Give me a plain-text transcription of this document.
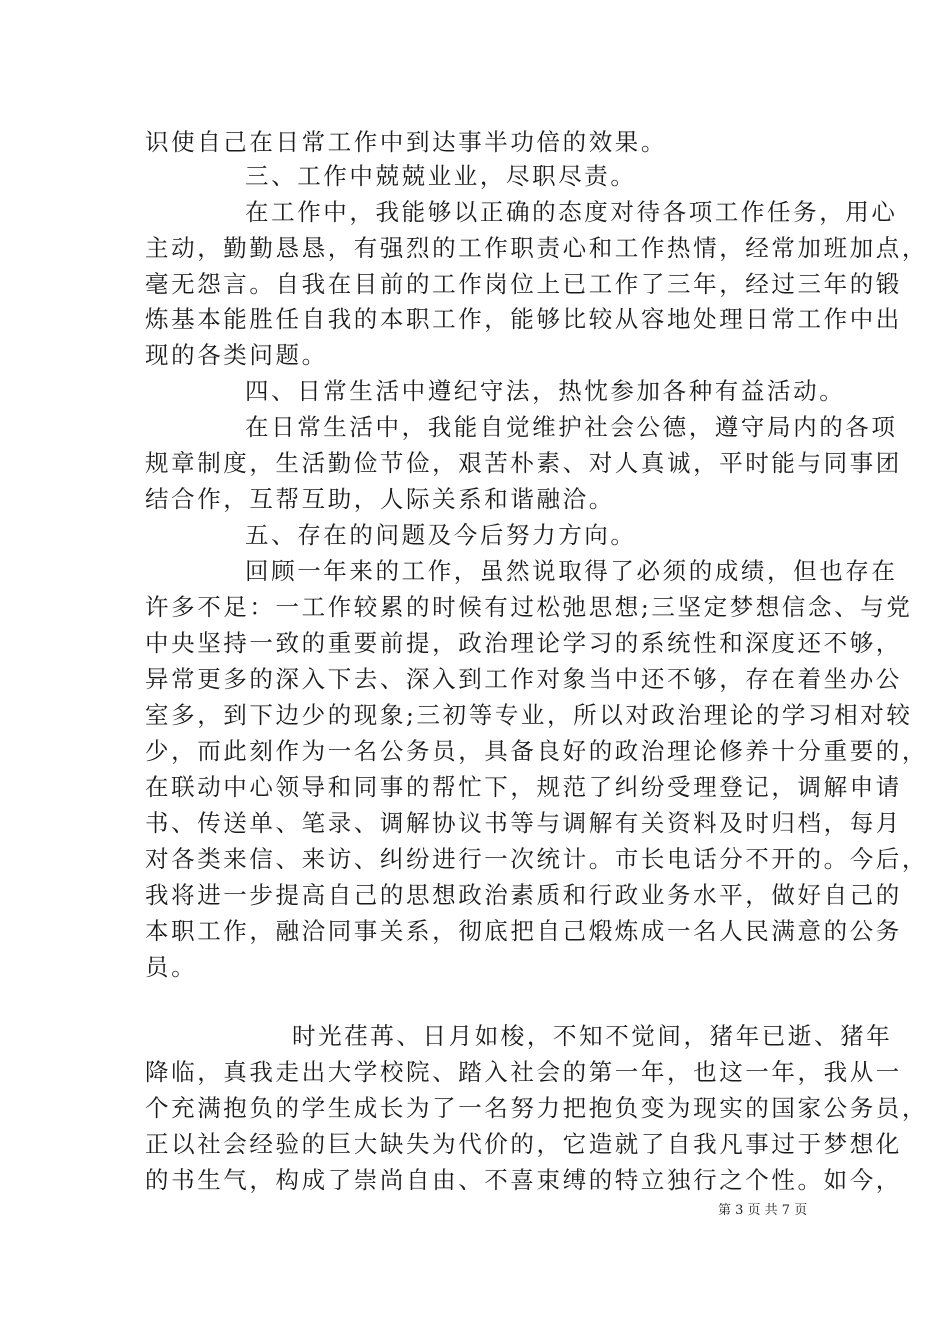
识使自己在日常工作中到达事半功倍的效果。
三、工作中兢兢业业，尽职尽责。
在工作中，我能够以正确的态度对待各项工作任务，用心
主动，勤勤恳恳，有强烈的工作职责心和工作热情，经常加班加点，
毫无怨言。自我在目前的工作岗位上已工作了三年，经过三年的锻
炼基本能胜任自我的本职工作，能够比较从容地处理日常工作中出
现的各类问题。
四、日常生活中遵纪守法，热忱参加各种有益活动。
在日常生活中，我能自觉维护社会公德，遵守局内的各项
规章制度，生活勤俭节俭，艰苦朴素、对人真诚，平时能与同事团
结合作，互帮互助，人际关系和谐融洽。
五、存在的问题及今后努力方向。
回顾一年来的工作，虽然说取得了必须的成绩，但也存在
许多不足：一工作较累的时候有过松弛思想;三坚定梦想信念、与党
中央坚持一致的重要前提，政治理论学习的系统性和深度还不够，
异常更多的深入下去、深入到工作对象当中还不够，存在着坐办公
室多，到下边少的现象;三初等专业，所以对政治理论的学习相对较
少，而此刻作为一名公务员，具备良好的政治理论修养十分重要的，
在联动中心领导和同事的帮忙下，规范了纠纷受理登记，调解申请
书、传送单、笔录、调解协议书等与调解有关资料及时归档，每月
对各类来信、来访、纠纷进行一次统计。市长电话分不开的。今后，
我将进一步提高自己的思想政治素质和行政业务水平，做好自己的
本职工作，融洽同事关系，彻底把自己煅炼成一名人民满意的公务
员。
时光荏苒、日月如梭，不知不觉间，猪年已逝、猪年
降临，真我走出大学校院、踏入社会的第一年，也这一年，我从一
个充满抱负的学生成长为了一名努力把抱负变为现实的国家公务员，
正以社会经验的巨大缺失为代价的，它造就了自我凡事过于梦想化
的书生气，构成了崇尚自由、不喜束缚的特立独行之个性。如今，
第 3 页 共 7 页
